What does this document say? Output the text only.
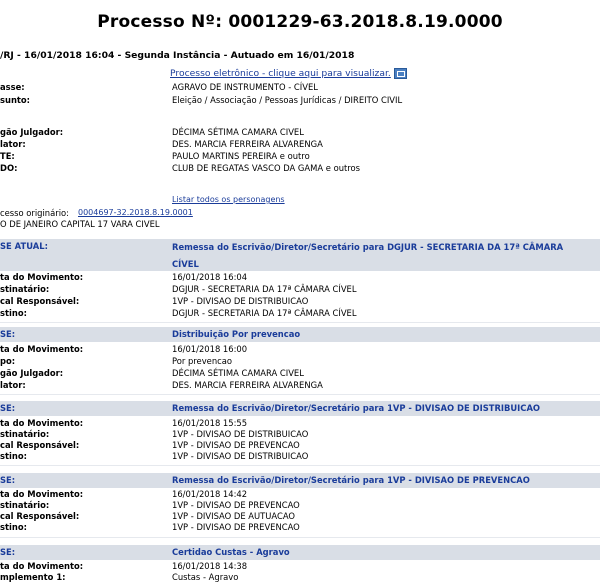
Processo Nº: 0001229-63.2018.8.19.0000
/RJ - 16/01/2018 16:04 - Segunda Instância - Autuado em 16/01/2018
Processo eletrônico - clique aqui para visualizar.
asse:	AGRAVO DE INSTRUMENTO - CÍVEL
sunto:	Eleição / Associação / Pessoas Jurídicas / DIREITO CIVIL
gão Julgador:	DÉCIMA SÉTIMA CAMARA CIVEL
lator:	DES. MARCIA FERREIRA ALVARENGA
TE:	PAULO MARTINS PEREIRA e outro
DO:	CLUB DE REGATAS VASCO DA GAMA e outros
Listar todos os personagens
cesso originário: 0004697-32.2018.8.19.0001
O DE JANEIRO CAPITAL 17 VARA CIVEL
SE ATUAL:	Remessa do Escrivão/Diretor/Secretário para DGJUR - SECRETARIA DA 17ª CÂMARA CÍVEL
ta do Movimento:	16/01/2018 16:04
stinatário:	DGJUR - SECRETARIA DA 17ª CÂMARA CÍVEL
cal Responsável:	1VP - DIVISAO DE DISTRIBUICAO
stino:	DGJUR - SECRETARIA DA 17ª CÂMARA CÍVEL
SE:	Distribuição Por prevencao
ta do Movimento:	16/01/2018 16:00
po:	Por prevencao
gão Julgador:	DÉCIMA SÉTIMA CAMARA CIVEL
lator:	DES. MARCIA FERREIRA ALVARENGA
SE:	Remessa do Escrivão/Diretor/Secretário para 1VP - DIVISAO DE DISTRIBUICAO
ta do Movimento:	16/01/2018 15:55
stinatário:	1VP - DIVISAO DE DISTRIBUICAO
cal Responsável:	1VP - DIVISAO DE PREVENCAO
stino:	1VP - DIVISAO DE DISTRIBUICAO
SE:	Remessa do Escrivão/Diretor/Secretário para 1VP - DIVISAO DE PREVENCAO
ta do Movimento:	16/01/2018 14:42
stinatário:	1VP - DIVISAO DE PREVENCAO
cal Responsável:	1VP - DIVISAO DE AUTUACAO
stino:	1VP - DIVISAO DE PREVENCAO
SE:	Certidao Custas - Agravo
ta do Movimento:	16/01/2018 14:38
mplemento 1:	Custas - Agravo
